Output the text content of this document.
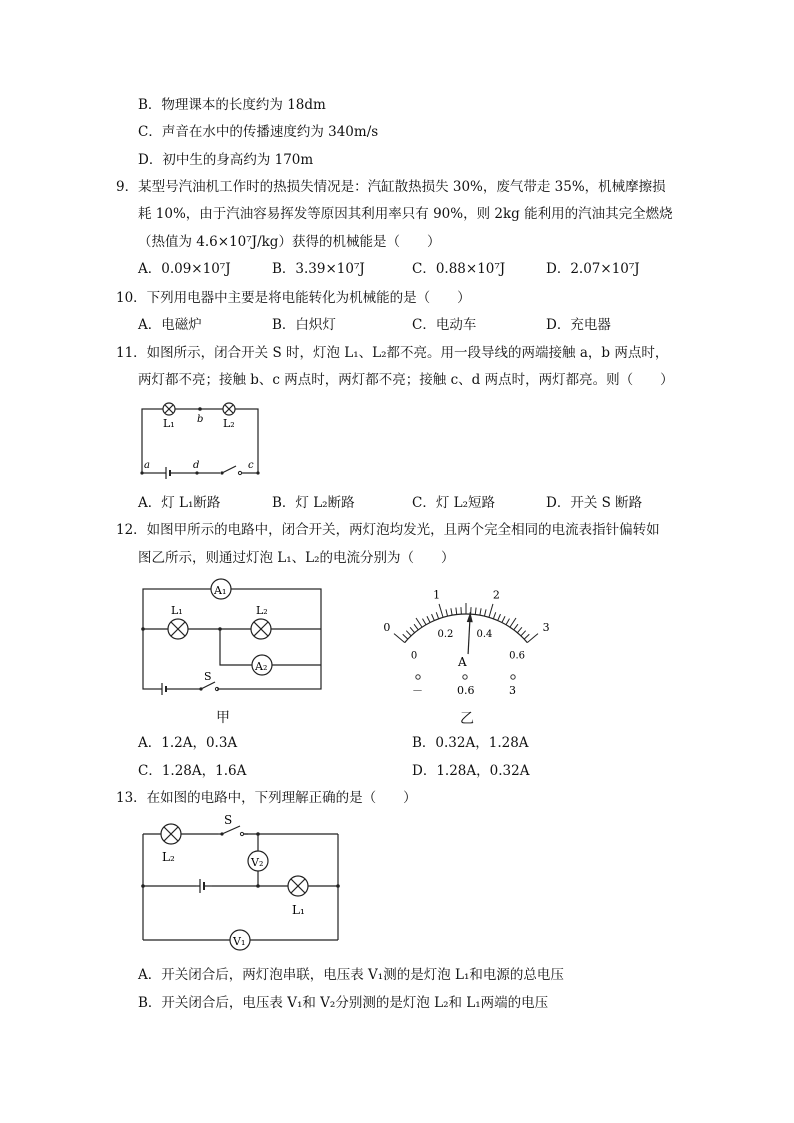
B．物理课本的长度约为 18dm
C．声音在水中的传播速度约为 340m/s
D．初中生的身高约为 170m
9．某型号汽油机工作时的热损失情况是：汽缸散热损失 30%，废气带走 35%，机械摩擦损
耗 10%，由于汽油容易挥发等原因其利用率只有 90%，则 2kg 能利用的汽油其完全燃烧
（热值为 4.6×10⁷J/kg）获得的机械能是（　　）
A．0.09×10⁷J	B．3.39×10⁷J	C．0.88×10⁷J	D．2.07×10⁷J
10．下列用电器中主要是将电能转化为机械能的是（　　）
A．电磁炉	B．白炽灯	C．电动车	D．充电器
11．如图所示，闭合开关 S 时，灯泡 L₁、L₂都不亮。用一段导线的两端接触 a，b 两点时，
两灯都不亮；接触 b、c 两点时，两灯都不亮；接触 c、d 两点时，两灯都亮。则（　　）
L₁ b L₂
a	d	c
A．灯 L₁断路	B．灯 L₂断路	C．灯 L₂短路	D．开关 S 断路
12．如图甲所示的电路中，闭合开关，两灯泡均发光，且两个完全相同的电流表指针偏转如
图乙所示，则通过灯泡 L₁、L₂的电流分别为（　　）
A₁
L₁	L₂
A₂
S
甲
0
1	2
3
0
0.2 0.4
0.6
A
－	0.6	3
乙
A．1.2A，0.3A	B．0.32A，1.28A
C．1.28A，1.6A	D．1.28A，0.32A
13．在如图的电路中，下列理解正确的是（　　）
L₂
S
V₂
L₁
V₁
A．开关闭合后，两灯泡串联，电压表 V₁测的是灯泡 L₁和电源的总电压
B．开关闭合后，电压表 V₁和 V₂分别测的是灯泡 L₂和 L₁两端的电压
